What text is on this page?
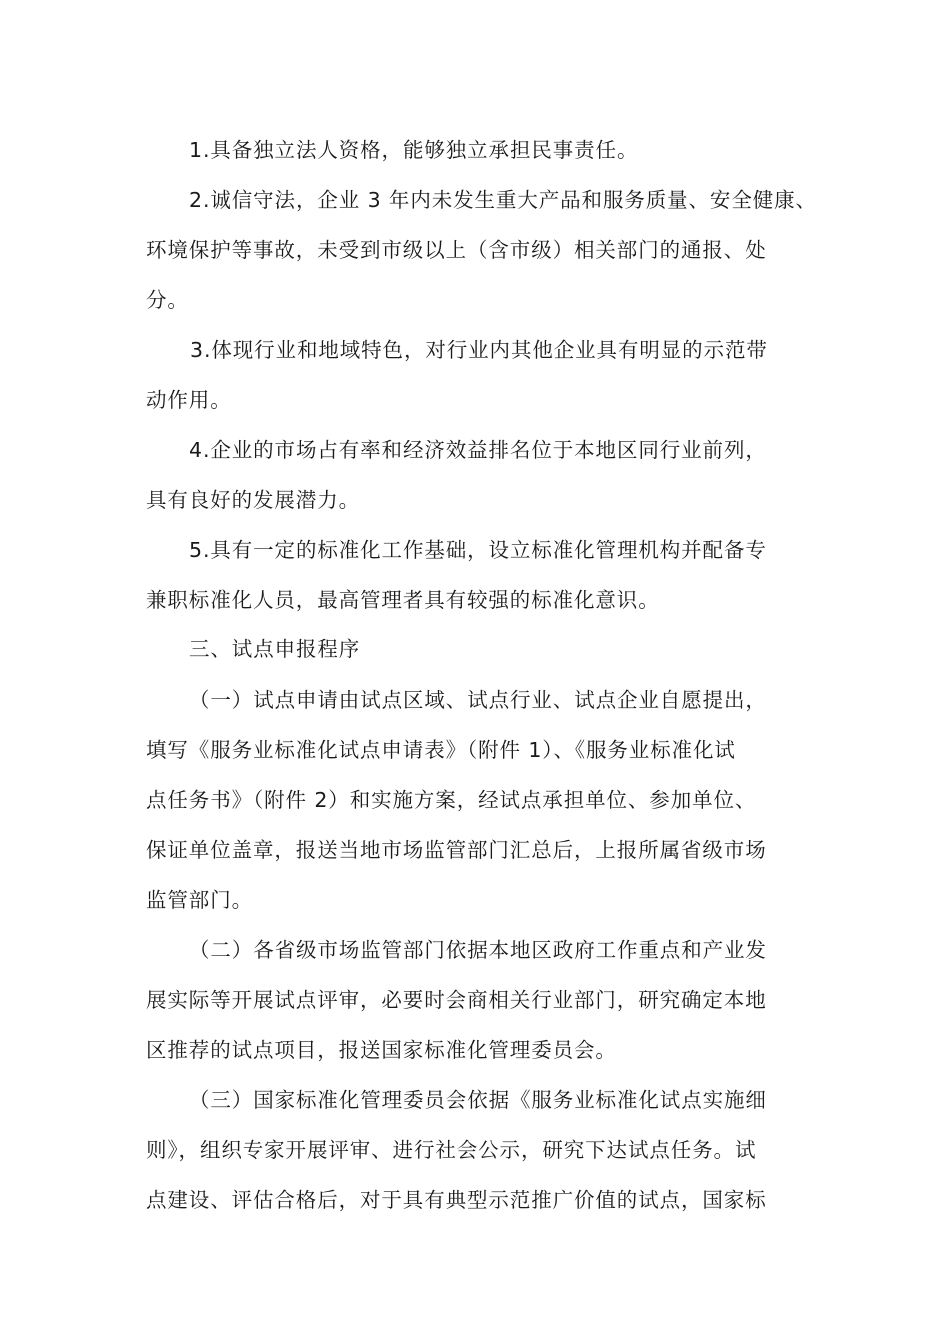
1.具备独立法人资格，能够独立承担民事责任。
2.诚信守法，企业 3 年内未发生重大产品和服务质量、安全健康、
环境保护等事故，未受到市级以上（含市级）相关部门的通报、处
分。
3.体现行业和地域特色，对行业内其他企业具有明显的示范带
动作用。
4.企业的市场占有率和经济效益排名位于本地区同行业前列，
具有良好的发展潜力。
5.具有一定的标准化工作基础，设立标准化管理机构并配备专
兼职标准化人员，最高管理者具有较强的标准化意识。
三、试点申报程序
（一）试点申请由试点区域、试点行业、试点企业自愿提出，
填写《服务业标准化试点申请表》（附件 1）、《服务业标准化试
点任务书》（附件 2）和实施方案，经试点承担单位、参加单位、
保证单位盖章，报送当地市场监管部门汇总后，上报所属省级市场
监管部门。
（二）各省级市场监管部门依据本地区政府工作重点和产业发
展实际等开展试点评审，必要时会商相关行业部门，研究确定本地
区推荐的试点项目，报送国家标准化管理委员会。
（三）国家标准化管理委员会依据《服务业标准化试点实施细
则》，组织专家开展评审、进行社会公示，研究下达试点任务。试
点建设、评估合格后，对于具有典型示范推广价值的试点，国家标
